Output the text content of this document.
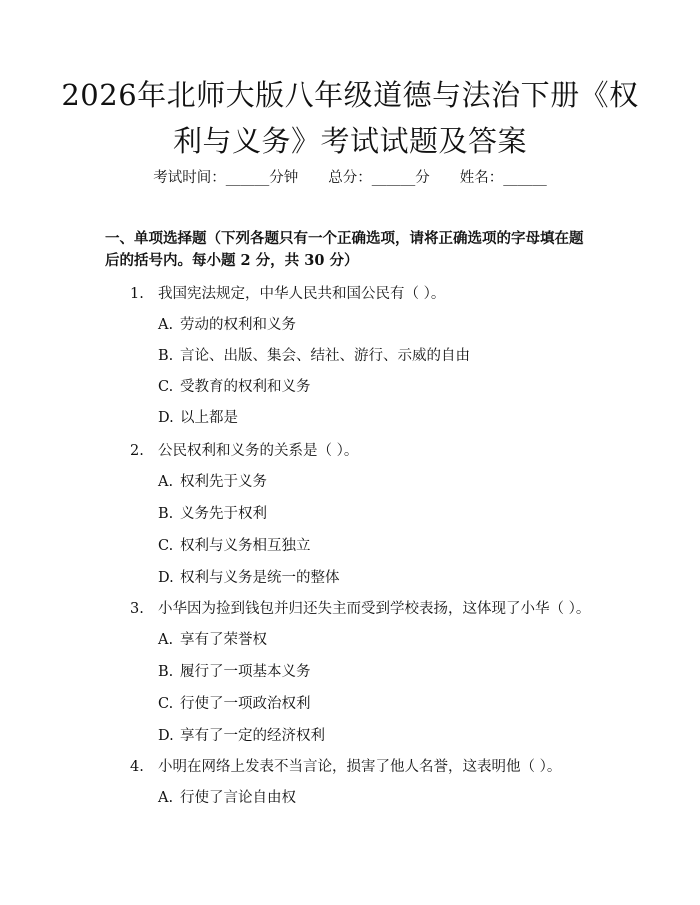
2026年北师大版八年级道德与法治下册《权利与义务》考试试题及答案
考试时间：______分钟 总分：______分 姓名：______
一、单项选择题（下列各题只有一个正确选项，请将正确选项的字母填在题后的括号内。每小题 2 分，共 30 分）
1. 我国宪法规定，中华人民共和国公民有（ ）。
A. 劳动的权利和义务
B. 言论、出版、集会、结社、游行、示威的自由
C. 受教育的权利和义务
D. 以上都是
2. 公民权利和义务的关系是（ ）。
A. 权利先于义务
B. 义务先于权利
C. 权利与义务相互独立
D. 权利与义务是统一的整体
3. 小华因为捡到钱包并归还失主而受到学校表扬，这体现了小华（ ）。
A. 享有了荣誉权
B. 履行了一项基本义务
C. 行使了一项政治权利
D. 享有了一定的经济权利
4. 小明在网络上发表不当言论，损害了他人名誉，这表明他（ ）。
A. 行使了言论自由权
